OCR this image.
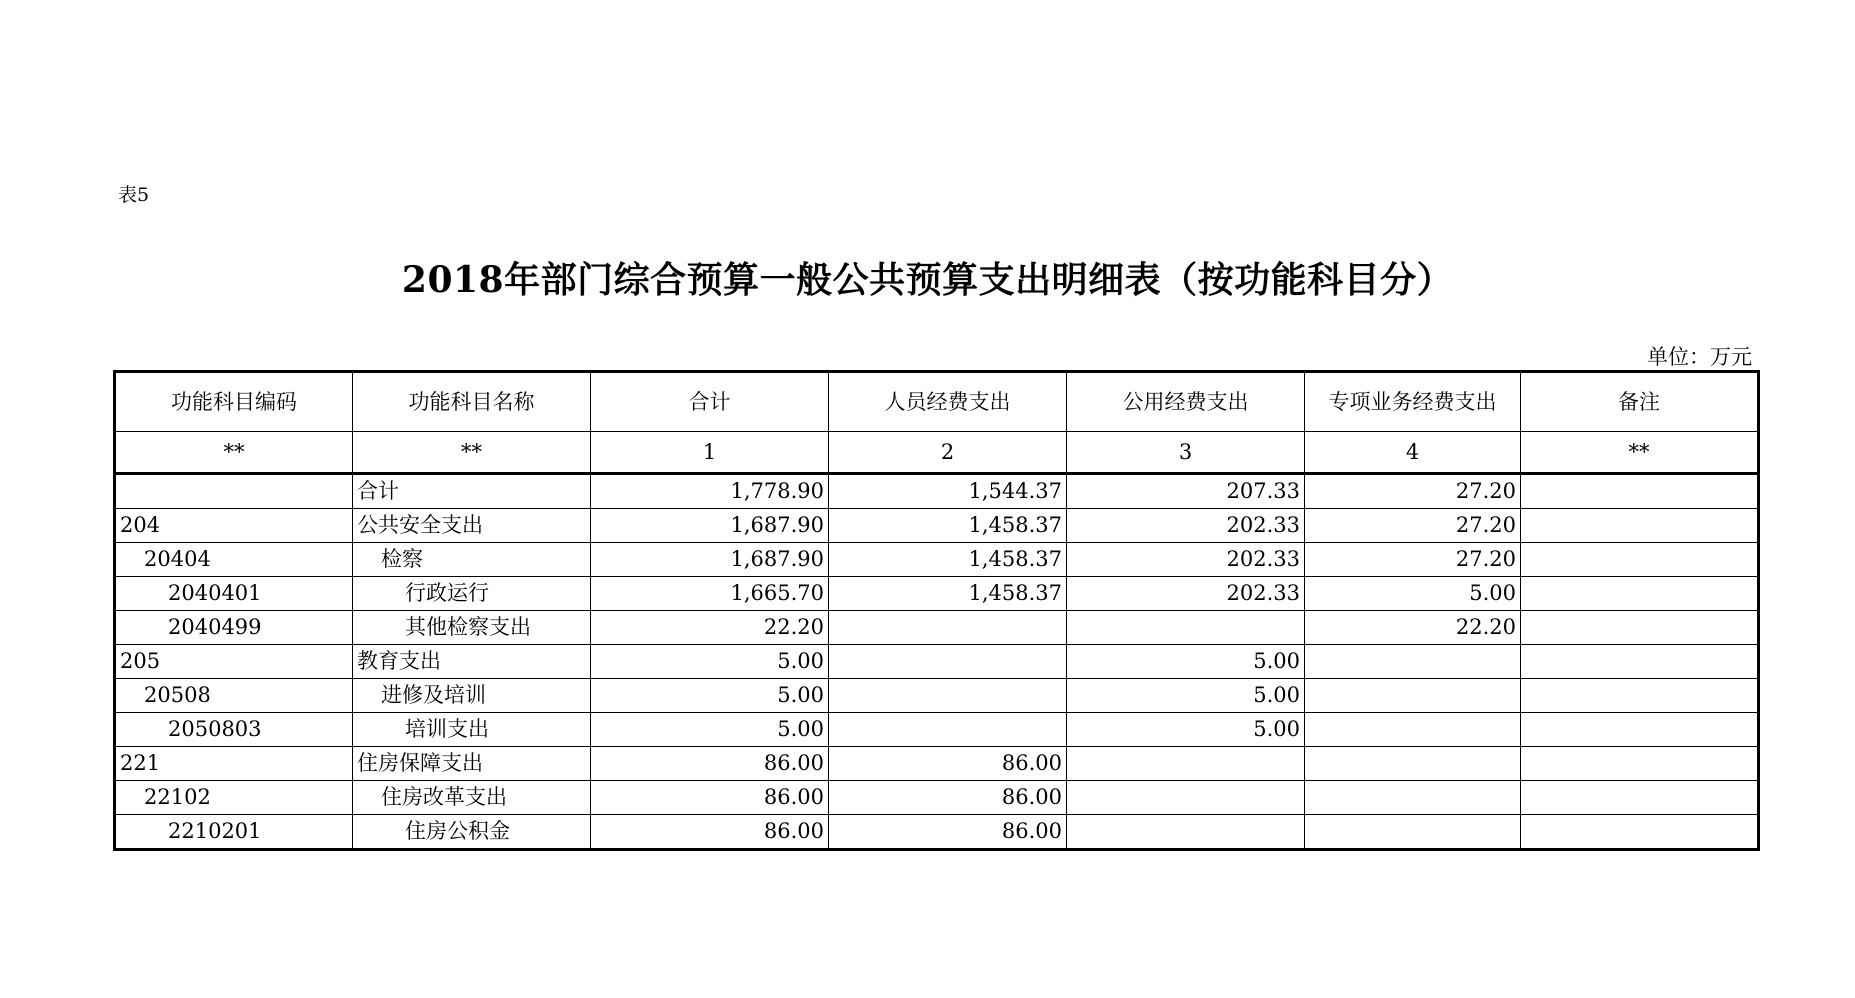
表5
2018年部门综合预算一般公共预算支出明细表（按功能科目分）
单位：万元
功能科目编码	功能科目名称	合计	人员经费支出	公用经费支出	专项业务经费支出	备注
**	**	1	2	3	4	**
	合计	1,778.90	1,544.37	207.33	27.20	
204	公共安全支出	1,687.90	1,458.37	202.33	27.20	
20404	检察	1,687.90	1,458.37	202.33	27.20	
2040401	行政运行	1,665.70	1,458.37	202.33	5.00	
2040499	其他检察支出	22.20			22.20	
205	教育支出	5.00		5.00		
20508	进修及培训	5.00		5.00		
2050803	培训支出	5.00		5.00		
221	住房保障支出	86.00	86.00			
22102	住房改革支出	86.00	86.00			
2210201	住房公积金	86.00	86.00			
